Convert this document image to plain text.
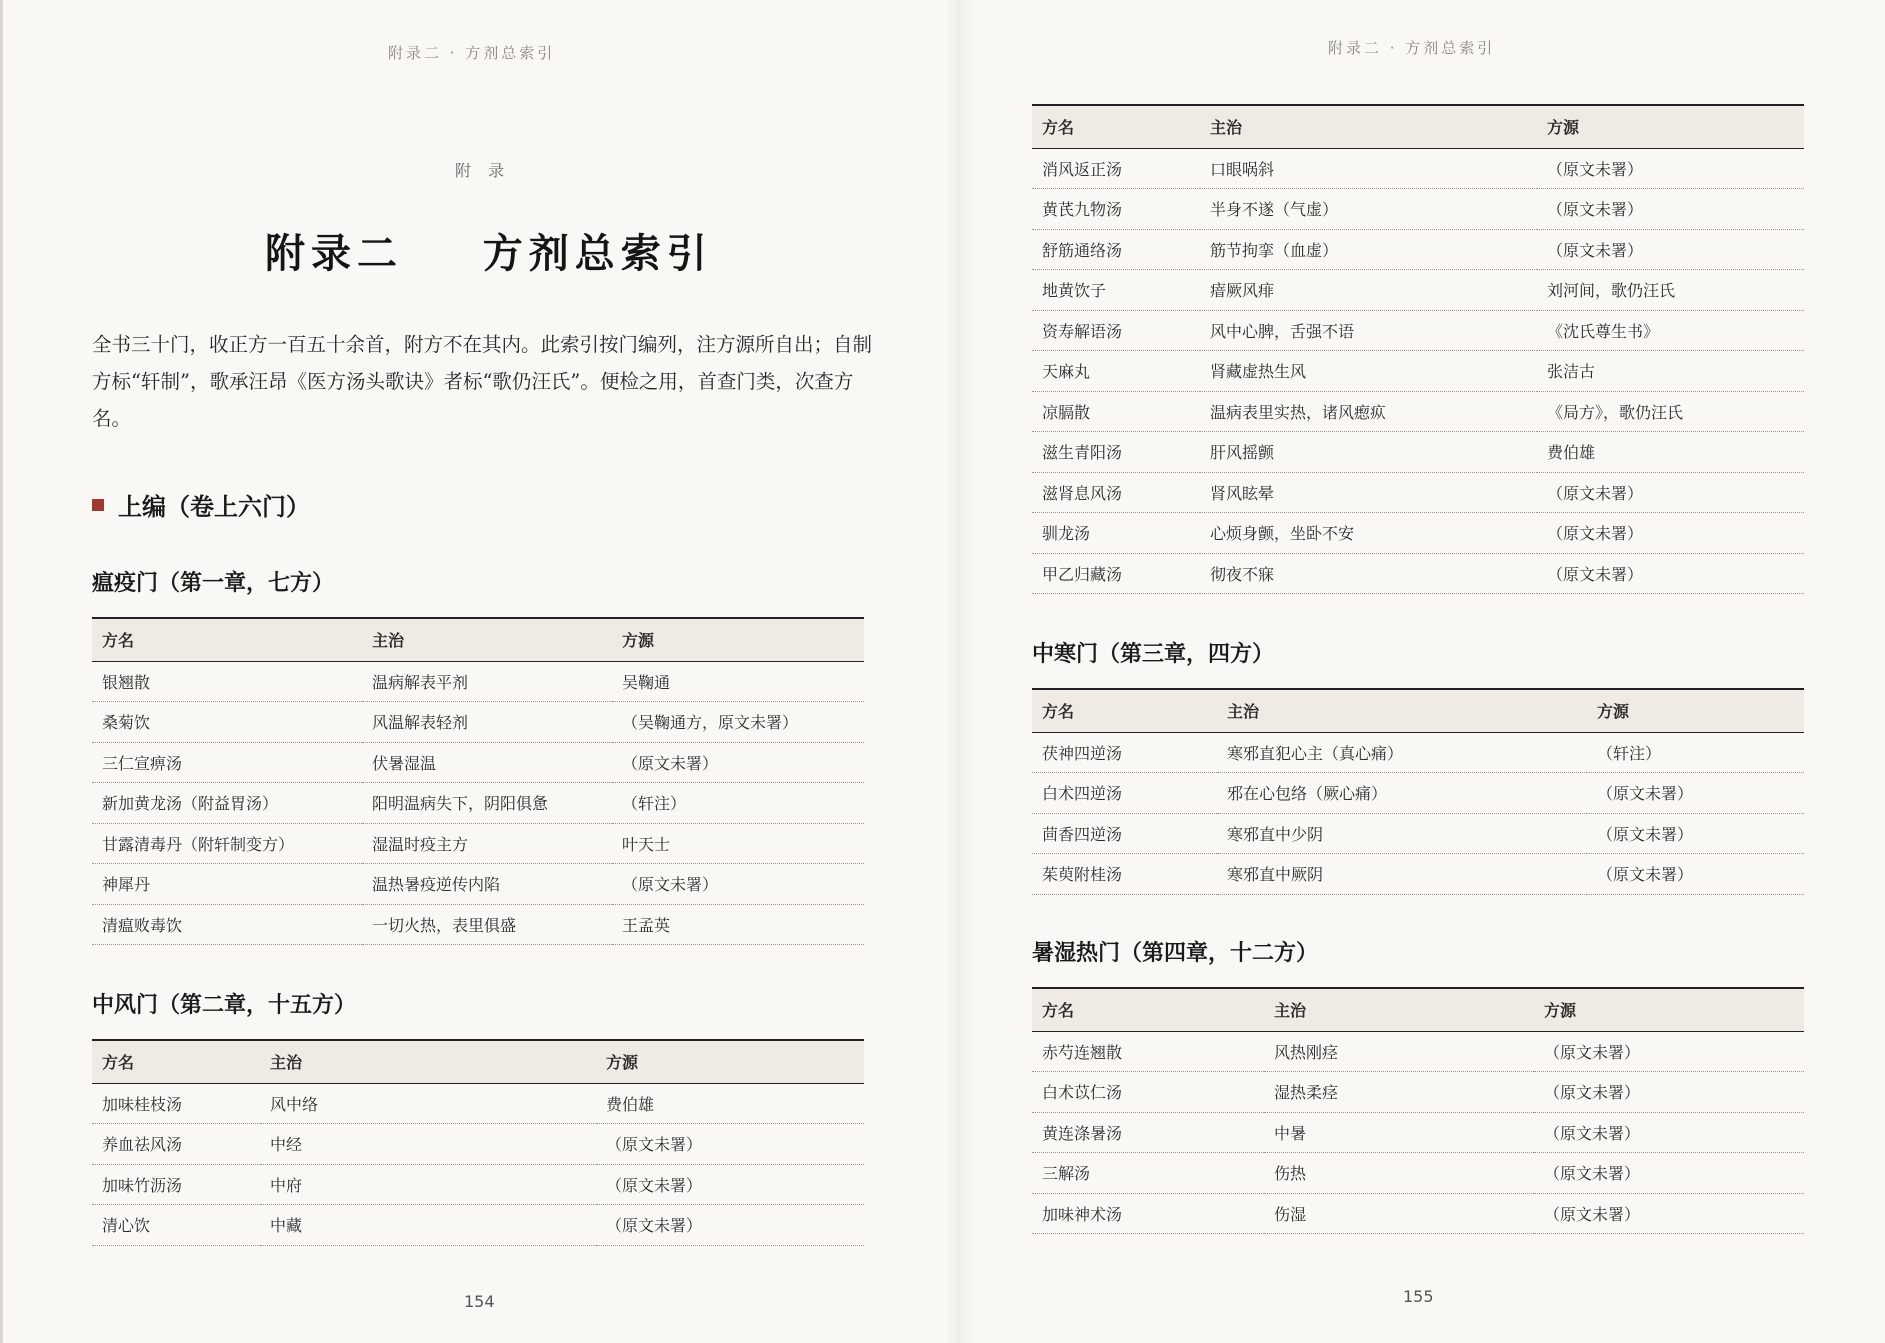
附录二 · 方剂总索引
附 录
附录二    方剂总索引
全书三十门，收正方一百五十余首，附方不在其内。此索引按门编列，注方源所自出；自制方标“轩制”，歌承汪昂《医方汤头歌诀》者标“歌仍汪氏”。便检之用，首查门类，次查方名。
上编（卷上六门）
瘟疫门（第一章，七方）
方名	主治	方源
银翘散	温病解表平剂	吴鞠通
桑菊饮	风温解表轻剂	（吴鞠通方，原文未署）
三仁宣痹汤	伏暑湿温	（原文未署）
新加黄龙汤（附益胃汤）	阳明温病失下，阴阳俱惫	（轩注）
甘露清毒丹（附轩制变方）	湿温时疫主方	叶天士
神犀丹	温热暑疫逆传内陷	（原文未署）
清瘟败毒饮	一切火热，表里俱盛	王孟英
中风门（第二章，十五方）
方名	主治	方源
加味桂枝汤	风中络	费伯雄
养血祛风汤	中经	（原文未署）
加味竹沥汤	中府	（原文未署）
清心饮	中藏	（原文未署）
154
附录二 · 方剂总索引
方名	主治	方源
消风返正汤	口眼㖞斜	（原文未署）
黄芪九物汤	半身不遂（气虚）	（原文未署）
舒筋通络汤	筋节拘挛（血虚）	（原文未署）
地黄饮子	瘖厥风痱	刘河间，歌仍汪氏
资寿解语汤	风中心脾，舌强不语	《沈氏尊生书》
天麻丸	肾藏虚热生风	张洁古
凉膈散	温病表里实热，诸风瘛疭	《局方》，歌仍汪氏
滋生青阳汤	肝风摇颤	费伯雄
滋肾息风汤	肾风眩晕	（原文未署）
驯龙汤	心烦身颤，坐卧不安	（原文未署）
甲乙归藏汤	彻夜不寐	（原文未署）
中寒门（第三章，四方）
方名	主治	方源
茯神四逆汤	寒邪直犯心主（真心痛）	（轩注）
白术四逆汤	邪在心包络（厥心痛）	（原文未署）
茴香四逆汤	寒邪直中少阴	（原文未署）
茱萸附桂汤	寒邪直中厥阴	（原文未署）
暑湿热门（第四章，十二方）
方名	主治	方源
赤芍连翘散	风热刚痉	（原文未署）
白术苡仁汤	湿热柔痉	（原文未署）
黄连涤暑汤	中暑	（原文未署）
三解汤	伤热	（原文未署）
加味神术汤	伤湿	（原文未署）
155
